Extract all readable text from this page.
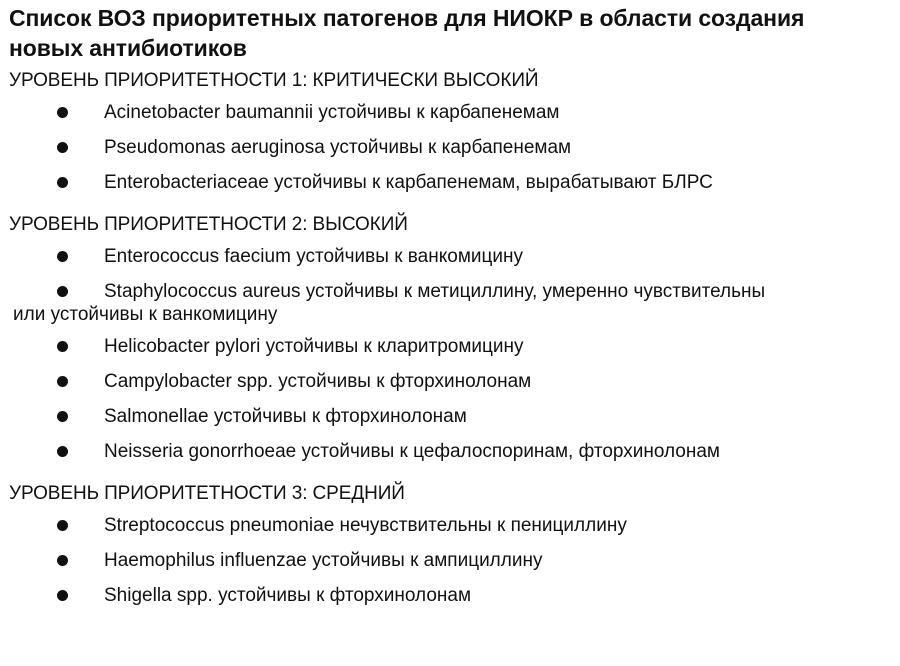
Список ВОЗ приоритетных патогенов для НИОКР в области создания
новых антибиотиков
УРОВЕНЬ ПРИОРИТЕТНОСТИ 1: КРИТИЧЕСКИ ВЫСОКИЙ
Acinetobacter baumannii устойчивы к карбапенемам
Pseudomonas aeruginosa устойчивы к карбапенемам
Enterobacteriaceae устойчивы к карбапенемам, вырабатывают БЛРС
УРОВЕНЬ ПРИОРИТЕТНОСТИ 2: ВЫСОКИЙ
Enterococcus faecium устойчивы к ванкомицину
Staphylococcus aureus устойчивы к метициллину, умеренно чувствительны
или устойчивы к ванкомицину
Helicobacter pylori устойчивы к кларитромицину
Campylobacter spp. устойчивы к фторхинолонам
Salmonellae устойчивы к фторхинолонам
Neisseria gonorrhoeae устойчивы к цефалоспоринам, фторхинолонам
УРОВЕНЬ ПРИОРИТЕТНОСТИ 3: СРЕДНИЙ
Streptococcus pneumoniae нечувствительны к пенициллину
Haemophilus influenzae устойчивы к ампициллину
Shigella spp. устойчивы к фторхинолонам
